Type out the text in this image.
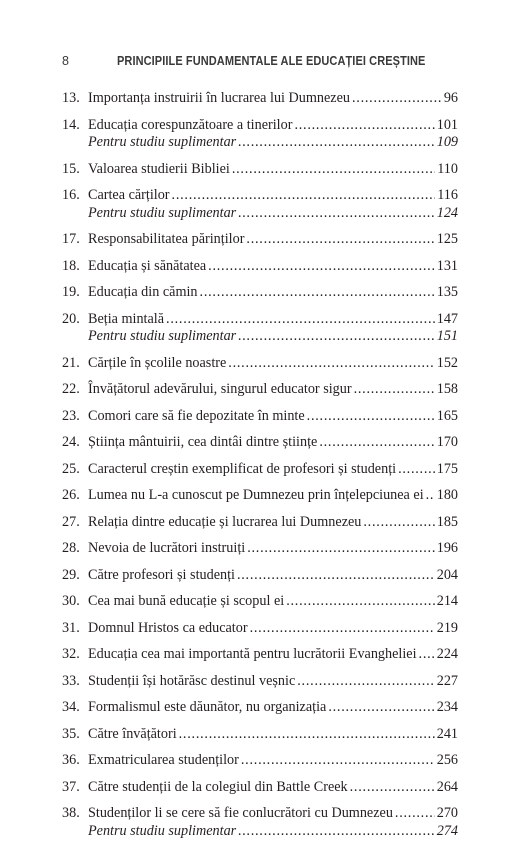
8	PRINCIPIILE FUNDAMENTALE ALE EDUCAȚIEI CREȘTINE
13. Importanța instruirii în lucrarea lui Dumnezeu . . .	96
14. Educația corespunzătoare a tinerilor . . .	101
Pentru studiu suplimentar . . .	109
15. Valoarea studierii Bibliei . . .	110
16. Cartea cărților . . .	116
Pentru studiu suplimentar . . .	124
17. Responsabilitatea părinților . . .	125
18. Educația și sănătatea . . .	131
19. Educația din cămin . . .	135
20. Beția mintală . . .	147
Pentru studiu suplimentar . . .	151
21. Cărțile în școlile noastre . . .	152
22. Învățătorul adevărului, singurul educator sigur . . .	158
23. Comori care să fie depozitate în minte . . .	165
24. Știința mântuirii, cea dintâi dintre științe . . .	170
25. Caracterul creștin exemplificat de profesori și studenți . . .	175
26. Lumea nu L-a cunoscut pe Dumnezeu prin înțelepciunea ei . . . 180
27. Relația dintre educație și lucrarea lui Dumnezeu . . .	185
28. Nevoia de lucrători instruiți . . .	196
29. Către profesori și studenți . . .	204
30. Cea mai bună educație și scopul ei . . .	214
31. Domnul Hristos ca educator . . .	219
32. Educația cea mai importantă pentru lucrătorii Evangheliei . . . 224
33. Studenții își hotărăsc destinul veșnic . . .	227
34. Formalismul este dăunător, nu organizația . . .	234
35. Către învățători . . .	241
36. Exmatricularea studenților . . .	256
37. Către studenții de la colegiul din Battle Creek . . .	264
38. Studenților li se cere să fie conlucrători cu Dumnezeu . . .	270
Pentru studiu suplimentar . . .	274
